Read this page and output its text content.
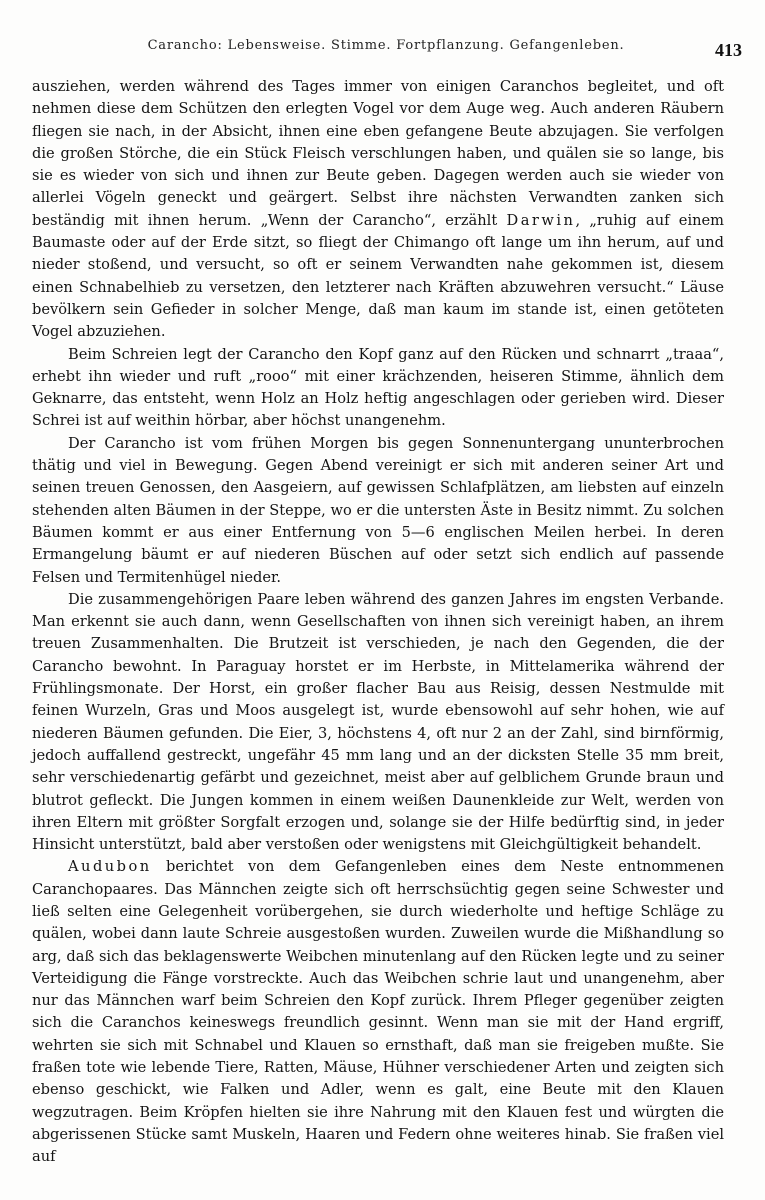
Carancho: Lebensweise. Stimme. Fortpflanzung. Gefangenleben.	413

ausziehen, werden während des Tages immer von einigen Caranchos begleitet, und oft nehmen diese dem Schützen den erlegten Vogel vor dem Auge weg. Auch anderen Räubern fliegen sie nach, in der Absicht, ihnen eine eben gefangene Beute abzujagen. Sie verfolgen die großen Störche, die ein Stück Fleisch verschlungen haben, und quälen sie so lange, bis sie es wieder von sich und ihnen zur Beute geben. Dagegen werden auch sie wieder von allerlei Vögeln geneckt und geärgert. Selbst ihre nächsten Verwandten zanken sich beständig mit ihnen herum. „Wenn der Carancho“, erzählt Darwin, „ruhig auf einem Baumaste oder auf der Erde sitzt, so fliegt der Chimango oft lange um ihn herum, auf und nieder stoßend, und versucht, so oft er seinem Verwandten nahe gekommen ist, diesem einen Schnabelhieb zu versetzen, den letzterer nach Kräften abzuwehren versucht.“ Läuse bevölkern sein Gefieder in solcher Menge, daß man kaum im stande ist, einen getöteten Vogel abzuziehen.

Beim Schreien legt der Carancho den Kopf ganz auf den Rücken und schnarrt „traaa“, erhebt ihn wieder und ruft „rooo“ mit einer krächzenden, heiseren Stimme, ähnlich dem Geknarre, das entsteht, wenn Holz an Holz heftig angeschlagen oder gerieben wird. Dieser Schrei ist auf weithin hörbar, aber höchst unangenehm.

Der Carancho ist vom frühen Morgen bis gegen Sonnenuntergang ununterbrochen thätig und viel in Bewegung. Gegen Abend vereinigt er sich mit anderen seiner Art und seinen treuen Genossen, den Aasgeiern, auf gewissen Schlafplätzen, am liebsten auf einzeln stehenden alten Bäumen in der Steppe, wo er die untersten Äste in Besitz nimmt. Zu solchen Bäumen kommt er aus einer Entfernung von 5—6 englischen Meilen herbei. In deren Ermangelung bäumt er auf niederen Büschen auf oder setzt sich endlich auf passende Felsen und Termitenhügel nieder.

Die zusammengehörigen Paare leben während des ganzen Jahres im engsten Verbande. Man erkennt sie auch dann, wenn Gesellschaften von ihnen sich vereinigt haben, an ihrem treuen Zusammenhalten. Die Brutzeit ist verschieden, je nach den Gegenden, die der Carancho bewohnt. In Paraguay horstet er im Herbste, in Mittelamerika während der Frühlingsmonate. Der Horst, ein großer flacher Bau aus Reisig, dessen Nestmulde mit feinen Wurzeln, Gras und Moos ausgelegt ist, wurde ebensowohl auf sehr hohen, wie auf niederen Bäumen gefunden. Die Eier, 3, höchstens 4, oft nur 2 an der Zahl, sind birnförmig, jedoch auffallend gestreckt, ungefähr 45 mm lang und an der dicksten Stelle 35 mm breit, sehr verschiedenartig gefärbt und gezeichnet, meist aber auf gelblichem Grunde braun und blutrot gefleckt. Die Jungen kommen in einem weißen Daunenkleide zur Welt, werden von ihren Eltern mit größter Sorgfalt erzogen und, solange sie der Hilfe bedürftig sind, in jeder Hinsicht unterstützt, bald aber verstoßen oder wenigstens mit Gleichgültigkeit behandelt.

Audubon berichtet von dem Gefangenleben eines dem Neste entnommenen Caranchopaares. Das Männchen zeigte sich oft herrschsüchtig gegen seine Schwester und ließ selten eine Gelegenheit vorübergehen, sie durch wiederholte und heftige Schläge zu quälen, wobei dann laute Schreie ausgestoßen wurden. Zuweilen wurde die Mißhandlung so arg, daß sich das beklagenswerte Weibchen minutenlang auf den Rücken legte und zu seiner Verteidigung die Fänge vorstreckte. Auch das Weibchen schrie laut und unangenehm, aber nur das Männchen warf beim Schreien den Kopf zurück. Ihrem Pfleger gegenüber zeigten sich die Caranchos keineswegs freundlich gesinnt. Wenn man sie mit der Hand ergriff, wehrten sie sich mit Schnabel und Klauen so ernsthaft, daß man sie freigeben mußte. Sie fraßen tote wie lebende Tiere, Ratten, Mäuse, Hühner verschiedener Arten und zeigten sich ebenso geschickt, wie Falken und Adler, wenn es galt, eine Beute mit den Klauen wegzutragen. Beim Kröpfen hielten sie ihre Nahrung mit den Klauen fest und würgten die abgerissenen Stücke samt Muskeln, Haaren und Federn ohne weiteres hinab. Sie fraßen viel auf
